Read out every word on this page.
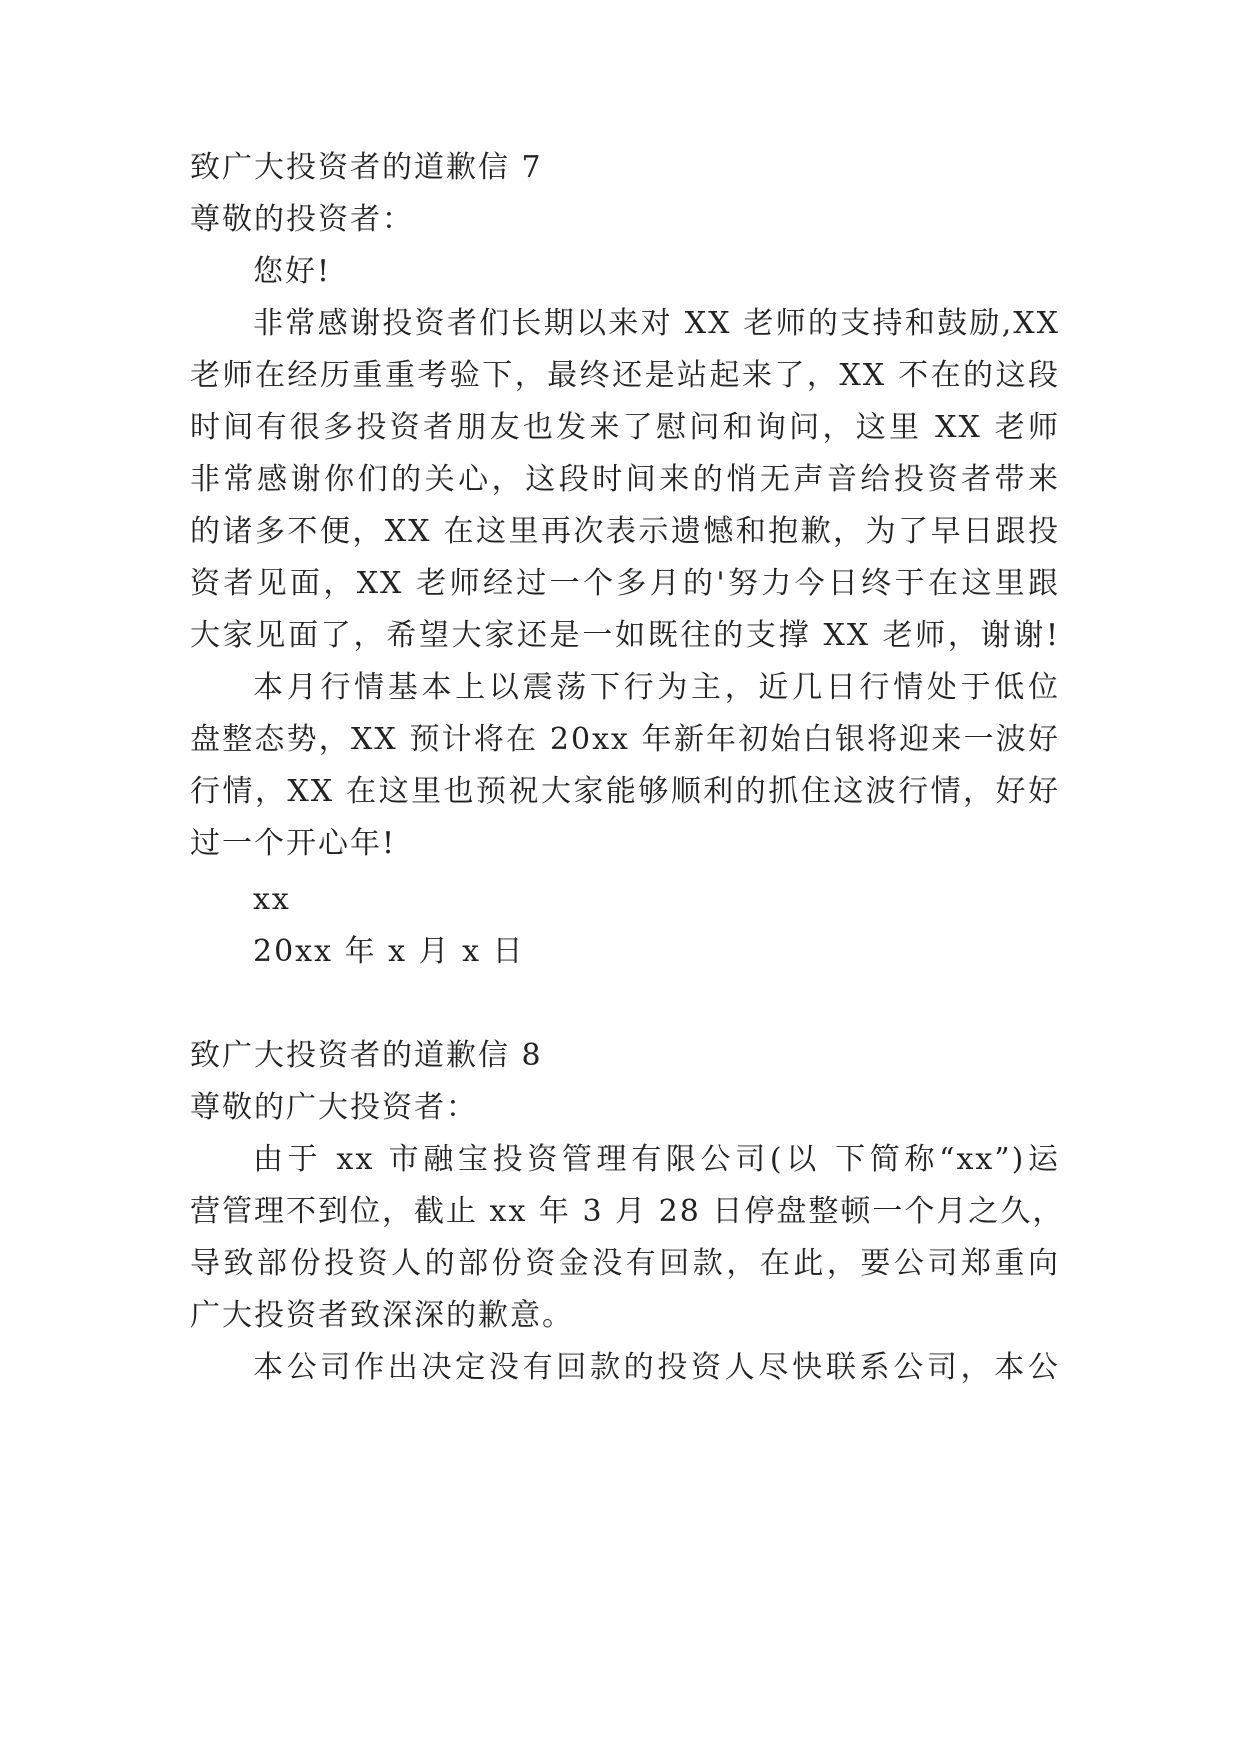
致广大投资者的道歉信 7
尊敬的投资者：
您好!
非常感谢投资者们长期以来对 XX 老师的支持和鼓励,XX
老师在经历重重考验下，最终还是站起来了，XX 不在的这段
时间有很多投资者朋友也发来了慰问和询问，这里 XX 老师
非常感谢你们的关心，这段时间来的悄无声音给投资者带来
的诸多不便，XX 在这里再次表示遗憾和抱歉，为了早日跟投
资者见面，XX 老师经过一个多月的'努力今日终于在这里跟
大家见面了，希望大家还是一如既往的支撑 XX 老师，谢谢!
本月行情基本上以震荡下行为主，近几日行情处于低位
盘整态势，XX 预计将在 20xx 年新年初始白银将迎来一波好
行情，XX 在这里也预祝大家能够顺利的抓住这波行情，好好
过一个开心年!
xx
20xx 年 x 月 x 日
致广大投资者的道歉信 8
尊敬的广大投资者：
由于 xx 市融宝投资管理有限公司(以 下简称“xx”)运
营管理不到位，截止 xx 年 3 月 28 日停盘整顿一个月之久，
导致部份投资人的部份资金没有回款，在此，要公司郑重向
广大投资者致深深的歉意。
本公司作出决定没有回款的投资人尽快联系公司，本公
